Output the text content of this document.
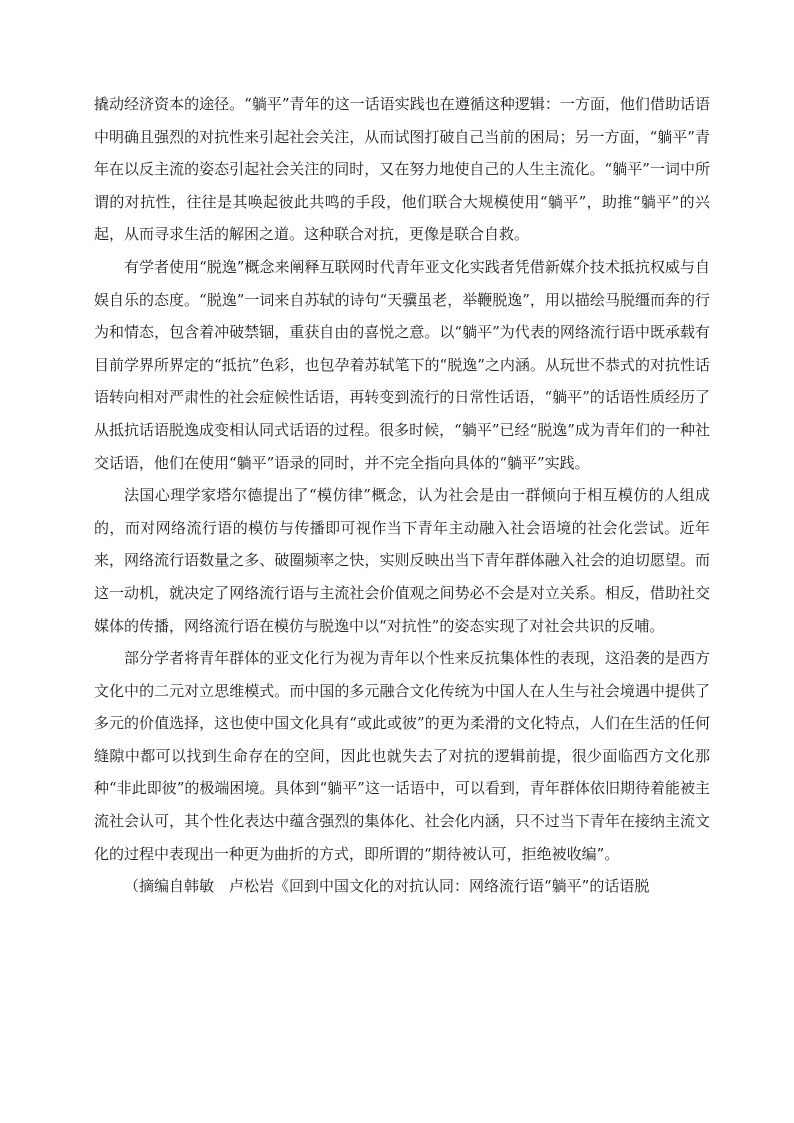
撬动经济资本的途径。“躺平”青年的这一话语实践也在遵循这种逻辑：一方面，他们借助话语中明确且强烈的对抗性来引起社会关注，从而试图打破自己当前的困局；另一方面，“躺平”青年在以反主流的姿态引起社会关注的同时，又在努力地使自己的人生主流化。“躺平”一词中所谓的对抗性，往往是其唤起彼此共鸣的手段，他们联合大规模使用“躺平”，助推“躺平”的兴起，从而寻求生活的解困之道。这种联合对抗，更像是联合自救。

有学者使用“脱逸”概念来阐释互联网时代青年亚文化实践者凭借新媒介技术抵抗权威与自娱自乐的态度。“脱逸”一词来自苏轼的诗句“天骥虽老，举鞭脱逸”，用以描绘马脱缰而奔的行为和情态，包含着冲破禁锢，重获自由的喜悦之意。以“躺平”为代表的网络流行语中既承载有目前学界所界定的“抵抗”色彩，也包孕着苏轼笔下的“脱逸”之内涵。从玩世不恭式的对抗性话语转向相对严肃性的社会症候性话语，再转变到流行的日常性话语，“躺平”的话语性质经历了从抵抗话语脱逸成变相认同式话语的过程。很多时候，“躺平”已经“脱逸”成为青年们的一种社交话语，他们在使用“躺平”语录的同时，并不完全指向具体的“躺平”实践。

法国心理学家塔尔德提出了“模仿律”概念，认为社会是由一群倾向于相互模仿的人组成的，而对网络流行语的模仿与传播即可视作当下青年主动融入社会语境的社会化尝试。近年来，网络流行语数量之多、破圈频率之快，实则反映出当下青年群体融入社会的迫切愿望。而这一动机，就决定了网络流行语与主流社会价值观之间势必不会是对立关系。相反，借助社交媒体的传播，网络流行语在模仿与脱逸中以“对抗性”的姿态实现了对社会共识的反哺。

部分学者将青年群体的亚文化行为视为青年以个性来反抗集体性的表现，这沿袭的是西方文化中的二元对立思维模式。而中国的多元融合文化传统为中国人在人生与社会境遇中提供了多元的价值选择，这也使中国文化具有“或此或彼”的更为柔滑的文化特点，人们在生活的任何缝隙中都可以找到生命存在的空间，因此也就失去了对抗的逻辑前提，很少面临西方文化那种“非此即彼”的极端困境。具体到“躺平”这一话语中，可以看到，青年群体依旧期待着能被主流社会认可，其个性化表达中蕴含强烈的集体化、社会化内涵，只不过当下青年在接纳主流文化的过程中表现出一种更为曲折的方式，即所谓的“期待被认可，拒绝被收编”。

（摘编自韩敏　卢松岩《回到中国文化的对抗认同：网络流行语“躺平”的话语脱
